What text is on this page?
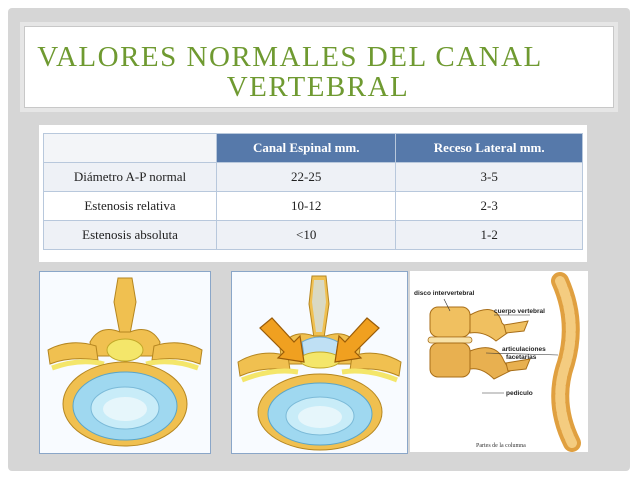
VALORES NORMALES DEL CANAL
VERTEBRAL
	Canal Espinal mm.	Receso Lateral mm.
Diámetro A-P normal	22-25	3-5
Estenosis relativa	10-12	2-3
Estenosis absoluta	<10	1-2
disco intervertebral
cuerpo vertebral
articulaciones
facetarias
pediculo
Partes de la columna
